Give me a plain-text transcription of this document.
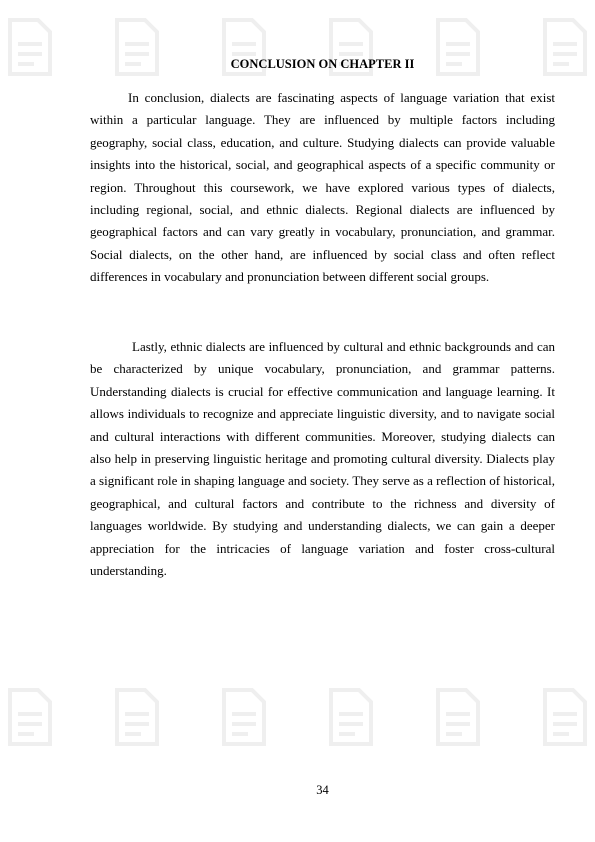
CONCLUSION ON CHAPTER II

In conclusion, dialects are fascinating aspects of language variation that exist within a particular language. They are influenced by multiple factors including geography, social class, education, and culture. Studying dialects can provide valuable insights into the historical, social, and geographical aspects of a specific community or region. Throughout this coursework, we have explored various types of dialects, including regional, social, and ethnic dialects. Regional dialects are influenced by geographical factors and can vary greatly in vocabulary, pronunciation, and grammar. Social dialects, on the other hand, are influenced by social class and often reflect differences in vocabulary and pronunciation between different social groups.

Lastly, ethnic dialects are influenced by cultural and ethnic backgrounds and can be characterized by unique vocabulary, pronunciation, and grammar patterns. Understanding dialects is crucial for effective communication and language learning. It allows individuals to recognize and appreciate linguistic diversity, and to navigate social and cultural interactions with different communities. Moreover, studying dialects can also help in preserving linguistic heritage and promoting cultural diversity. Dialects play a significant role in shaping language and society. They serve as a reflection of historical, geographical, and cultural factors and contribute to the richness and diversity of languages worldwide. By studying and understanding dialects, we can gain a deeper appreciation for the intricacies of language variation and foster cross-cultural understanding.

34
